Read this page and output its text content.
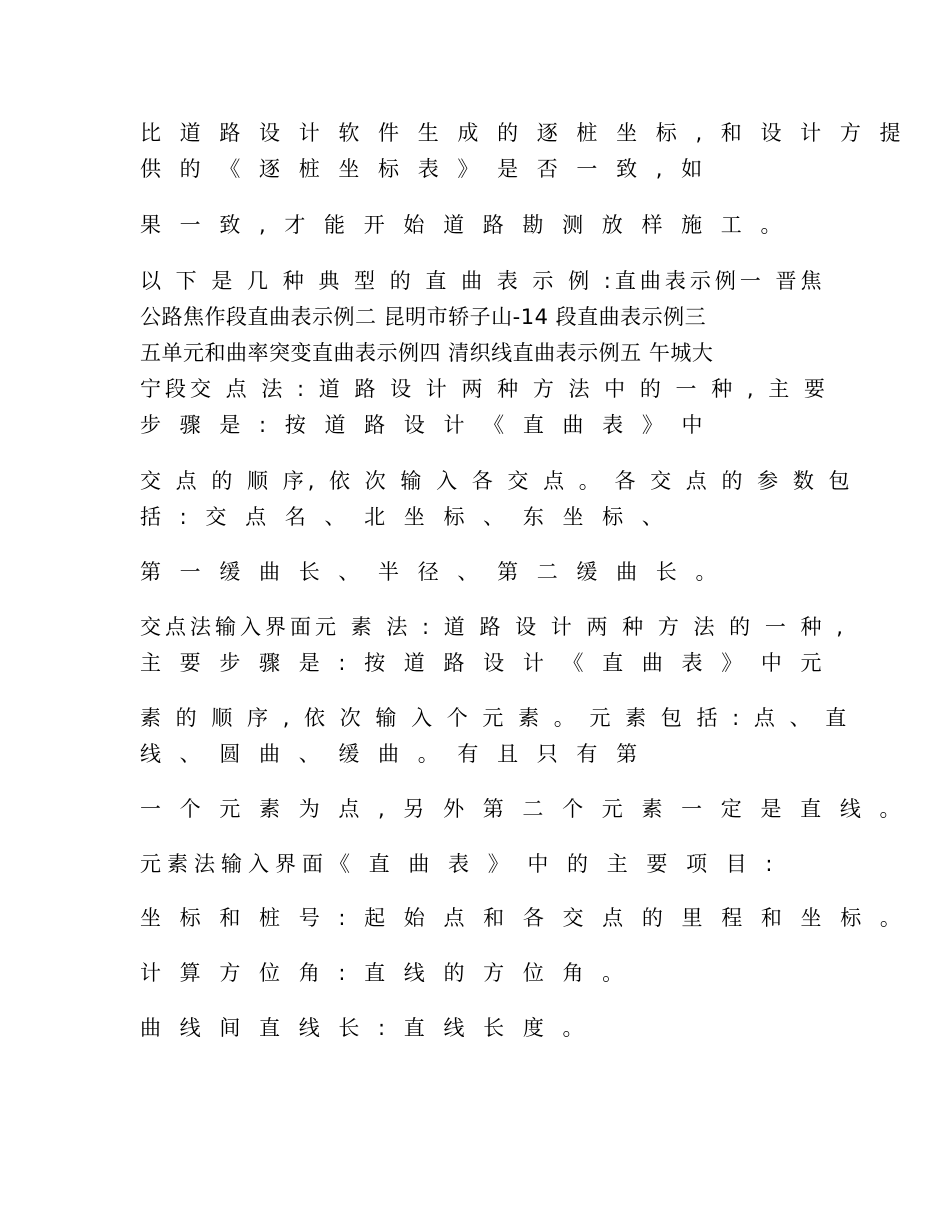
比 道 路 设 计 软 件 生 成 的 逐 桩 坐 标 , 和 设 计 方 提

供 的 《 逐 桩 坐 标 表 》 是 否 一 致 , 如

果 一 致 , 才 能 开 始 道 路 勘 测 放 样 施 工 。

以 下 是 几 种 典 型 的 直 曲 表 示 例 :直曲表示例一 晋焦

公路焦作段直曲表示例二 昆明市轿子山-14 段直曲表示例三

五单元和曲率突变直曲表示例四 清织线直曲表示例五 午城大

宁段交 点 法 : 道 路 设 计 两 种 方 法 中 的 一 种 , 主 要

步 骤 是 : 按 道 路 设 计 《 直 曲 表 》 中

交 点 的 顺 序, 依 次 输 入 各 交 点 。 各 交 点 的 参 数 包

括 : 交 点 名 、 北 坐 标 、 东 坐 标 、

第 一 缓 曲 长 、 半 径 、 第 二 缓 曲 长 。

交点法输入界面元 素 法 : 道 路 设 计 两 种 方 法 的 一 种 ,

主 要 步 骤 是 : 按 道 路 设 计 《 直 曲 表 》 中 元

素 的 顺 序 , 依 次 输 入 个 元 素 。 元 素 包 括 : 点 、 直

线 、 圆 曲 、 缓 曲 。 有 且 只 有 第

一 个 元 素 为 点 , 另 外 第 二 个 元 素 一 定 是 直 线 。

元素法输入界面《 直 曲 表 》 中 的 主 要 项 目 :

坐 标 和 桩 号 : 起 始 点 和 各 交 点 的 里 程 和 坐 标 。

计 算 方 位 角 : 直 线 的 方 位 角 。

曲 线 间 直 线 长 : 直 线 长 度 。
